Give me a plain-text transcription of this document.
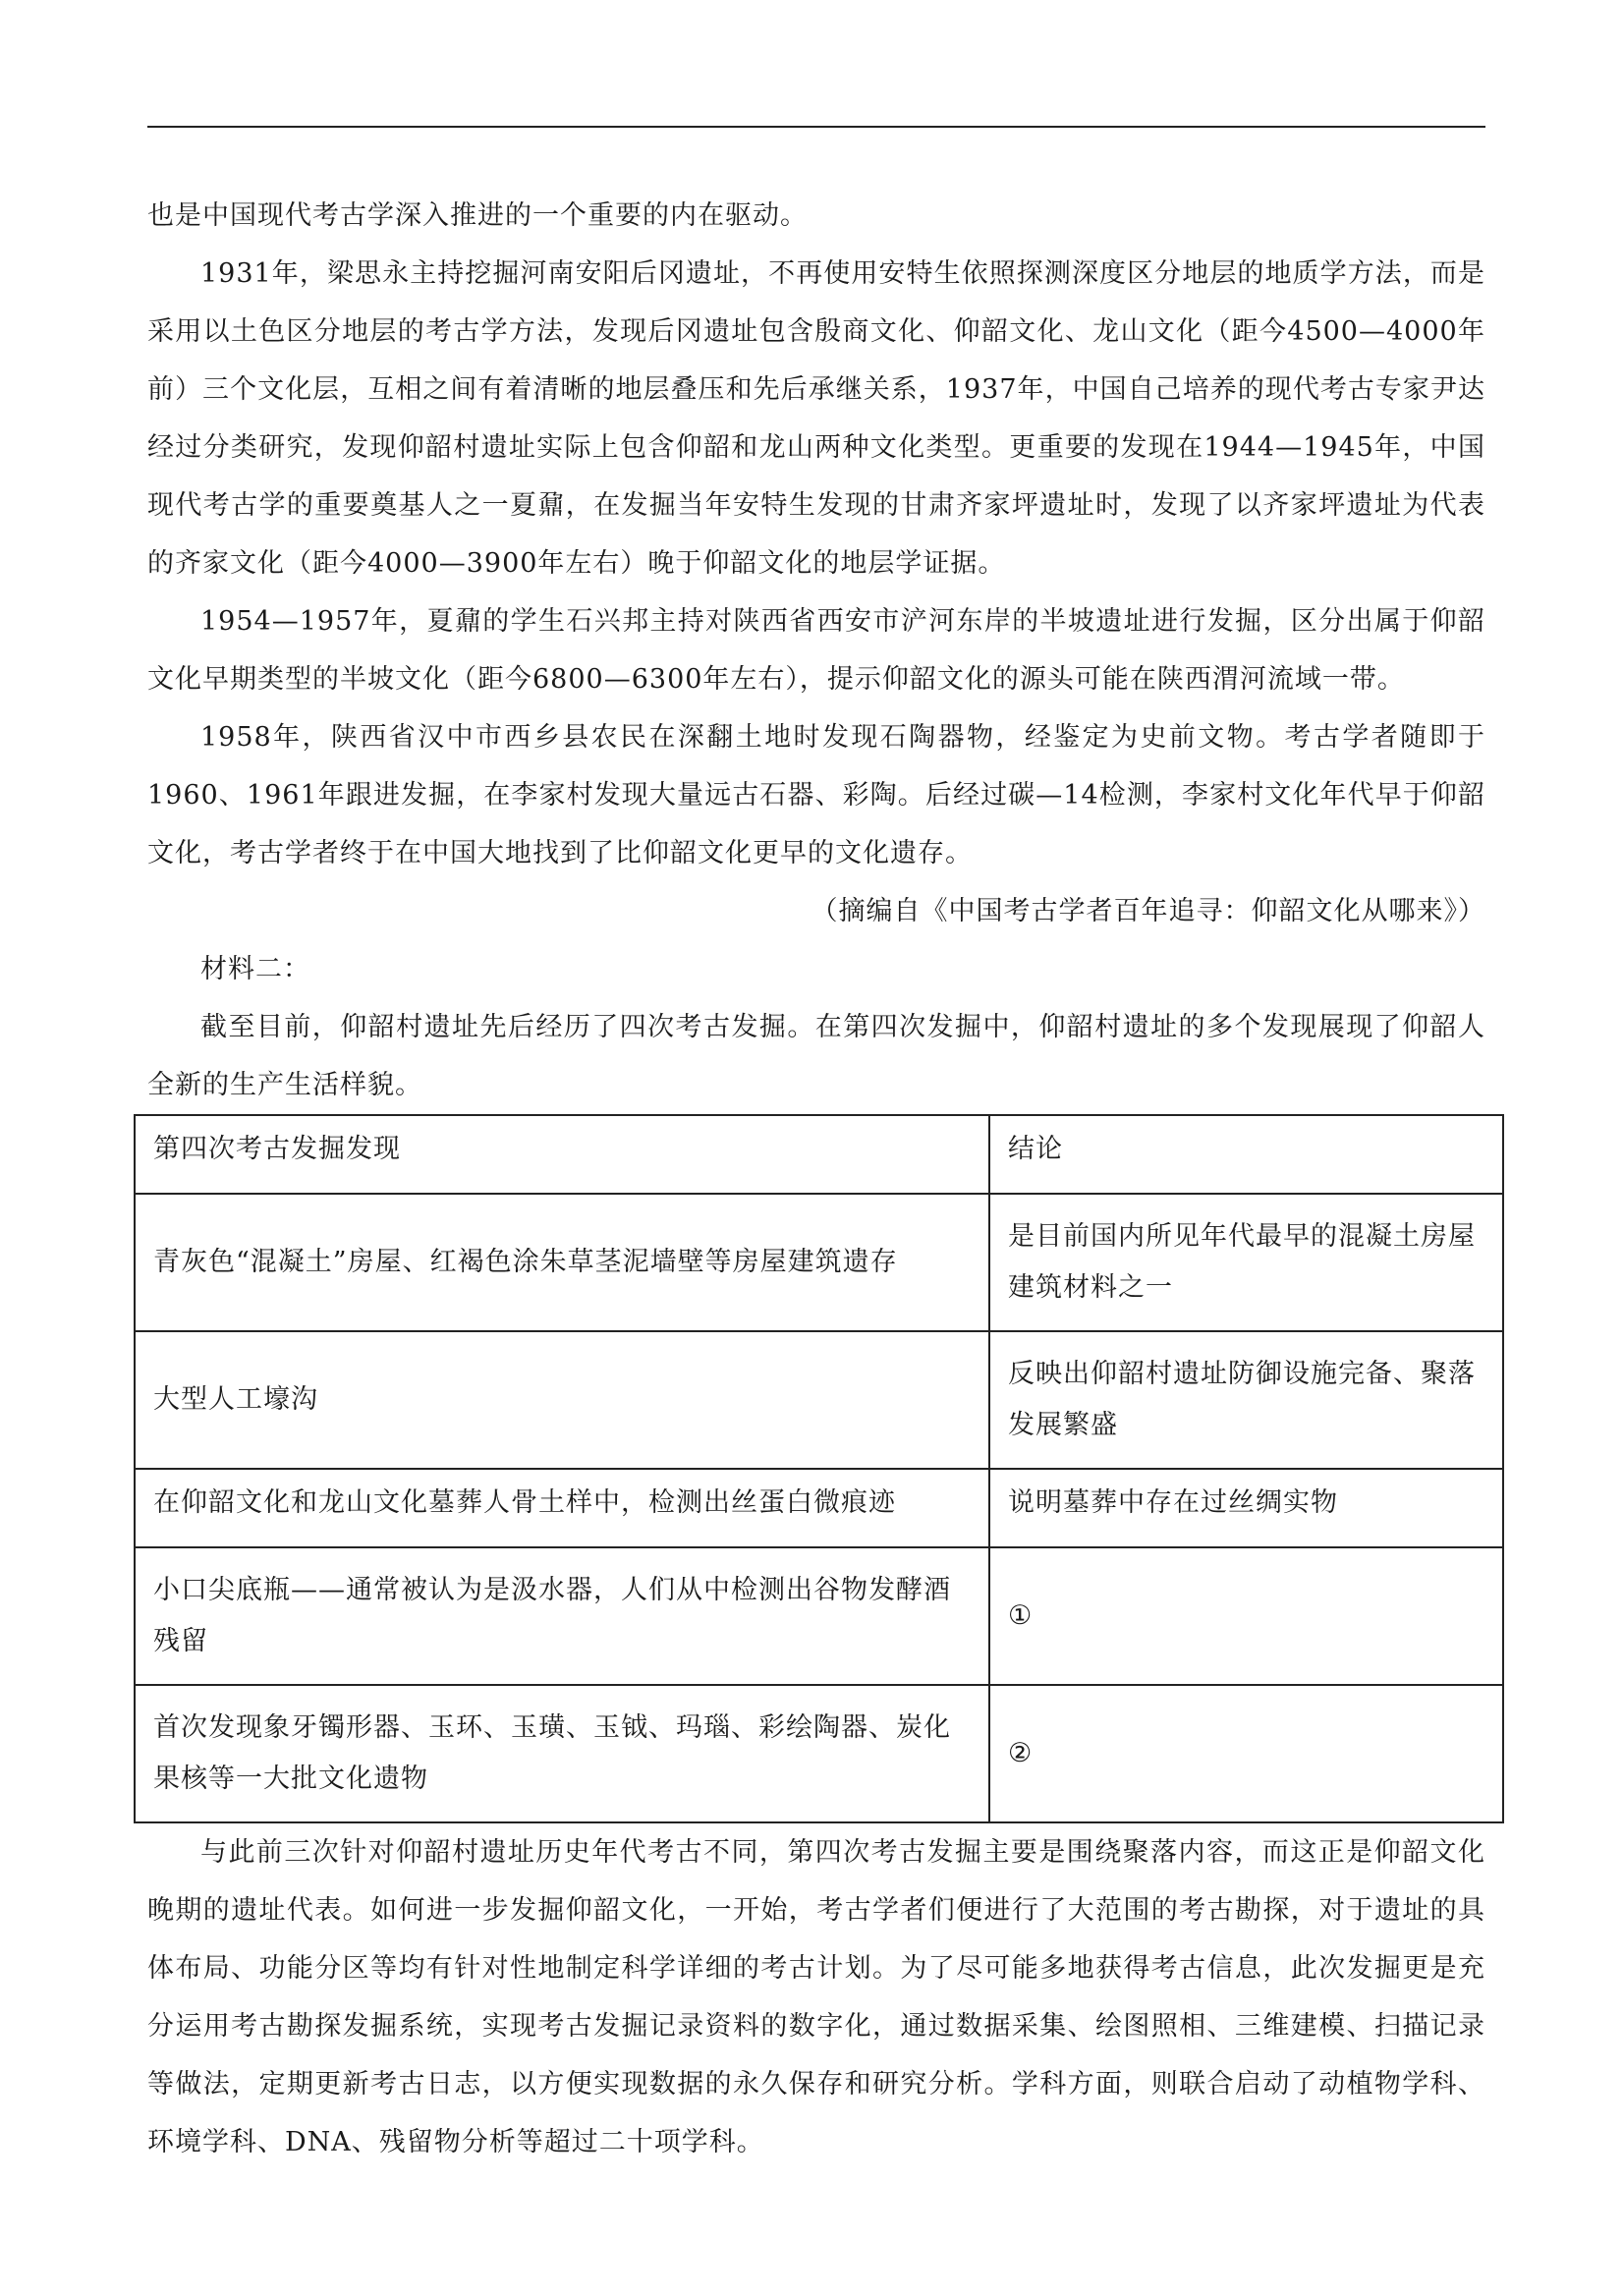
也是中国现代考古学深入推进的一个重要的内在驱动。

1931年，梁思永主持挖掘河南安阳后冈遗址，不再使用安特生依照探测深度区分地层的地质学方法，而是采用以土色区分地层的考古学方法，发现后冈遗址包含殷商文化、仰韶文化、龙山文化（距今4500—4000年前）三个文化层，互相之间有着清晰的地层叠压和先后承继关系，1937年，中国自己培养的现代考古专家尹达经过分类研究，发现仰韶村遗址实际上包含仰韶和龙山两种文化类型。更重要的发现在1944—1945年，中国现代考古学的重要奠基人之一夏鼐，在发掘当年安特生发现的甘肃齐家坪遗址时，发现了以齐家坪遗址为代表的齐家文化（距今4000—3900年左右）晚于仰韶文化的地层学证据。

1954—1957年，夏鼐的学生石兴邦主持对陕西省西安市浐河东岸的半坡遗址进行发掘，区分出属于仰韶文化早期类型的半坡文化（距今6800—6300年左右），提示仰韶文化的源头可能在陕西渭河流域一带。

1958年，陕西省汉中市西乡县农民在深翻土地时发现石陶器物，经鉴定为史前文物。考古学者随即于1960、1961年跟进发掘，在李家村发现大量远古石器、彩陶。后经过碳—14检测，李家村文化年代早于仰韶文化，考古学者终于在中国大地找到了比仰韶文化更早的文化遗存。

（摘编自《中国考古学者百年追寻：仰韶文化从哪来》）

材料二：

截至目前，仰韶村遗址先后经历了四次考古发掘。在第四次发掘中，仰韶村遗址的多个发现展现了仰韶人全新的生产生活样貌。

第四次考古发掘发现	结论
青灰色“混凝土”房屋、红褐色涂朱草茎泥墙壁等房屋建筑遗存	是目前国内所见年代最早的混凝土房屋建筑材料之一
大型人工壕沟	反映出仰韶村遗址防御设施完备、聚落发展繁盛
在仰韶文化和龙山文化墓葬人骨土样中，检测出丝蛋白微痕迹	说明墓葬中存在过丝绸实物
小口尖底瓶——通常被认为是汲水器，人们从中检测出谷物发酵酒残留	①
首次发现象牙镯形器、玉环、玉璜、玉钺、玛瑙、彩绘陶器、炭化果核等一大批文化遗物	②

与此前三次针对仰韶村遗址历史年代考古不同，第四次考古发掘主要是围绕聚落内容，而这正是仰韶文化晚期的遗址代表。如何进一步发掘仰韶文化，一开始，考古学者们便进行了大范围的考古勘探，对于遗址的具体布局、功能分区等均有针对性地制定科学详细的考古计划。为了尽可能多地获得考古信息，此次发掘更是充分运用考古勘探发掘系统，实现考古发掘记录资料的数字化，通过数据采集、绘图照相、三维建模、扫描记录等做法，定期更新考古日志，以方便实现数据的永久保存和研究分析。学科方面，则联合启动了动植物学科、环境学科、DNA、残留物分析等超过二十项学科。
